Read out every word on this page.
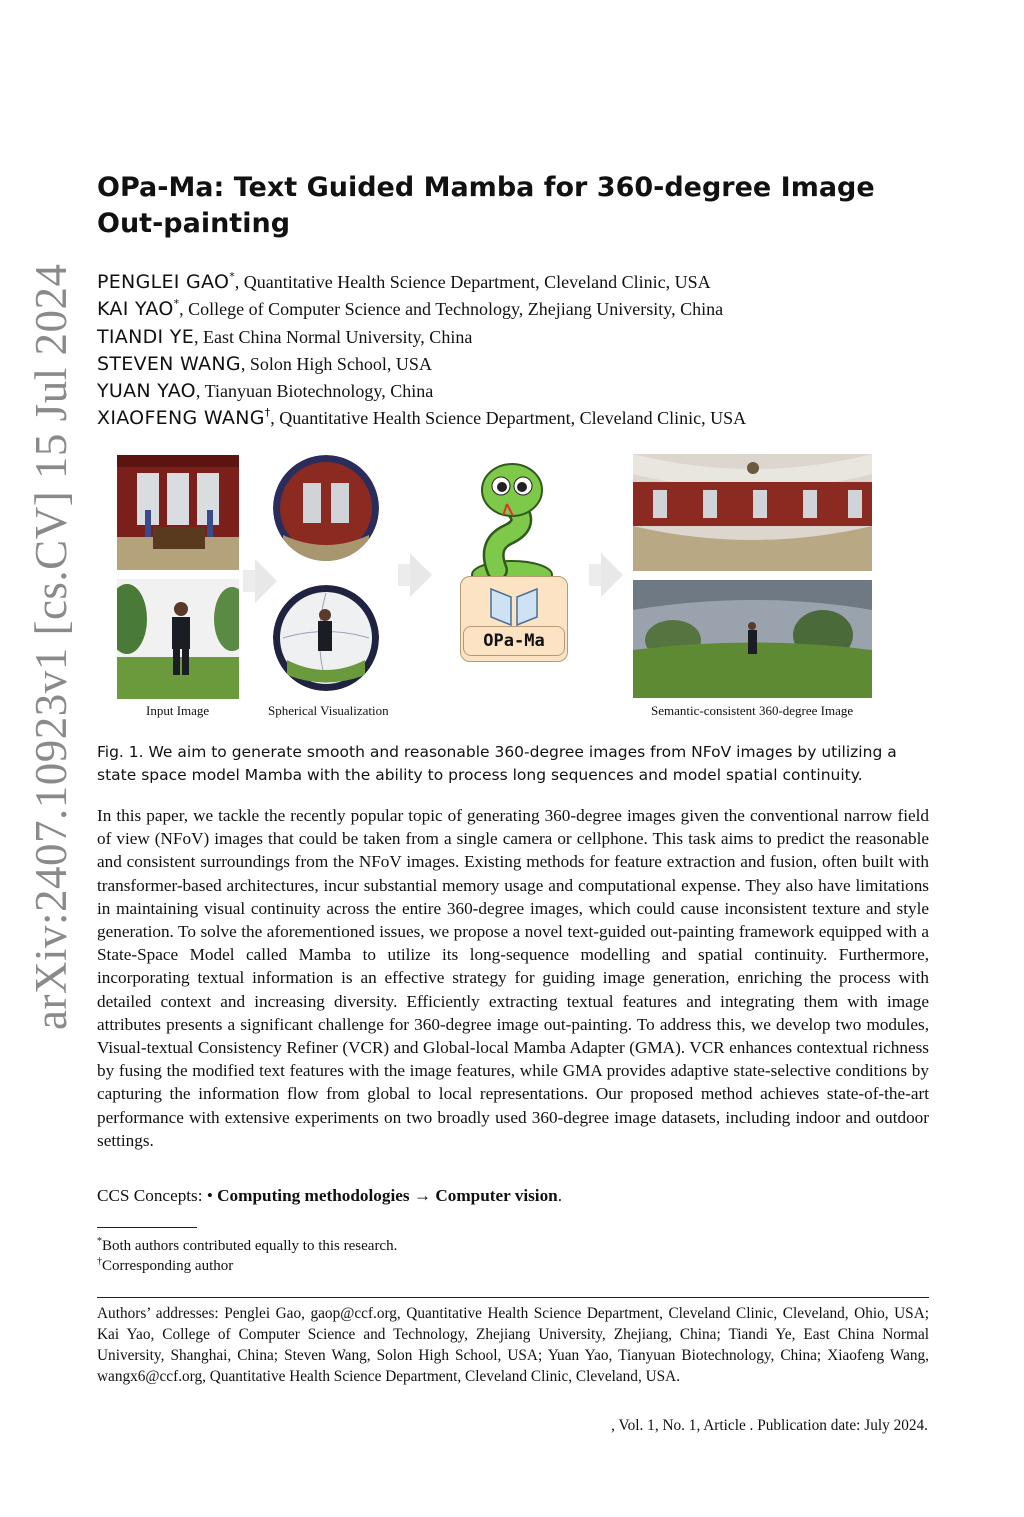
arXiv:2407.10923v1 [cs.CV] 15 Jul 2024
OPa-Ma: Text Guided Mamba for 360-degree Image Out-painting
PENGLEI GAO*, Quantitative Health Science Department, Cleveland Clinic, USA
KAI YAO*, College of Computer Science and Technology, Zhejiang University, China
TIANDI YE, East China Normal University, China
STEVEN WANG, Solon High School, USA
YUAN YAO, Tianyuan Biotechnology, China
XIAOFENG WANG†, Quantitative Health Science Department, Cleveland Clinic, USA
Input Image	Spherical Visualization
OPa-Ma
Semantic-consistent 360-degree Image
Fig. 1. We aim to generate smooth and reasonable 360-degree images from NFoV images by utilizing a state space model Mamba with the ability to process long sequences and model spatial continuity.
In this paper, we tackle the recently popular topic of generating 360-degree images given the conventional narrow field of view (NFoV) images that could be taken from a single camera or cellphone. This task aims to predict the reasonable and consistent surroundings from the NFoV images. Existing methods for feature extraction and fusion, often built with transformer-based architectures, incur substantial memory usage and computational expense. They also have limitations in maintaining visual continuity across the entire 360-degree images, which could cause inconsistent texture and style generation. To solve the aforementioned issues, we propose a novel text-guided out-painting framework equipped with a State-Space Model called Mamba to utilize its long-sequence modelling and spatial continuity. Furthermore, incorporating textual information is an effective strategy for guiding image generation, enriching the process with detailed context and increasing diversity. Efficiently extracting textual features and integrating them with image attributes presents a significant challenge for 360-degree image out-painting. To address this, we develop two modules, Visual-textual Consistency Refiner (VCR) and Global-local Mamba Adapter (GMA). VCR enhances contextual richness by fusing the modified text features with the image features, while GMA provides adaptive state-selective conditions by capturing the information flow from global to local representations. Our proposed method achieves state-of-the-art performance with extensive experiments on two broadly used 360-degree image datasets, including indoor and outdoor settings.
CCS Concepts: • Computing methodologies → Computer vision.
*Both authors contributed equally to this research.
†Corresponding author
Authors’ addresses: Penglei Gao, gaop@ccf.org, Quantitative Health Science Department, Cleveland Clinic, Cleveland, Ohio, USA; Kai Yao, College of Computer Science and Technology, Zhejiang University, Zhejiang, China; Tiandi Ye, East China Normal University, Shanghai, China; Steven Wang, Solon High School, USA; Yuan Yao, Tianyuan Biotechnology, China; Xiaofeng Wang, wangx6@ccf.org, Quantitative Health Science Department, Cleveland Clinic, Cleveland, USA.
, Vol. 1, No. 1, Article . Publication date: July 2024.
